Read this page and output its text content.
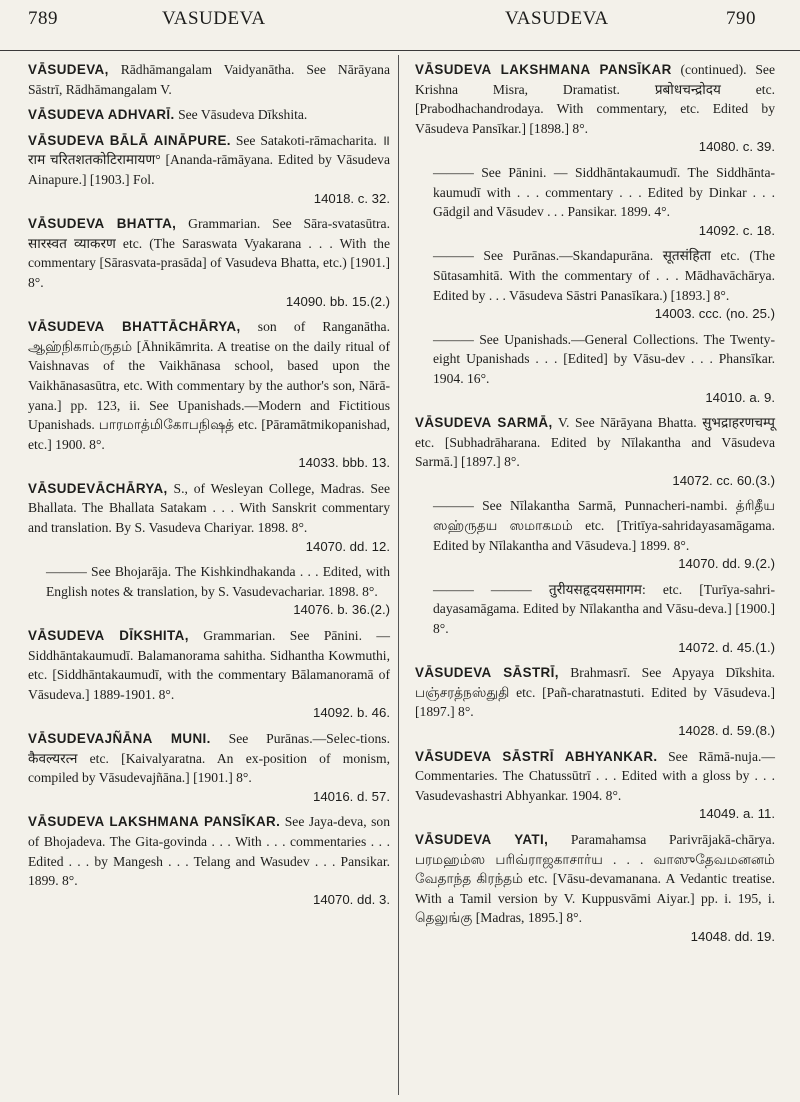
789	VASUDEVA	VASUDEVA	790
VĀSUDEVA, Rādhāmangalam Vaidyanātha. See Nārāyana Sāstrī, Rādhāmangalam V.
VĀSUDEVA ADHVARĪ. See Vāsudeva Dīkshita.
VĀSUDEVA BĀLĀ AINĀPURE. See Satakoti-rāmacharita. ॥ राम चरितशतकोटिरामायण° [Ananda-rāmāyana. Edited by Vāsudeva Ainapure.] [1903.] Fol.
14018. c. 32.
VĀSUDEVA BHATTA, Grammarian. See Sāra-svatasūtra. सारस्वत व्याकरण etc. (The Saraswata Vyakarana . . . With the commentary [Sārasvata-prasāda] of Vasudeva Bhatta, etc.) [1901.] 8°.
14090. bb. 15.(2.)
VĀSUDEVA BHATTĀCHĀRYA, son of Ranganātha. ஆஹ்நிகாம்ருதம் [Āhnikāmrita. A treatise on the daily ritual of Vaishnavas of the Vaikhānasa school, based upon the Vaikhānasasūtra, etc. With commentary by the author's son, Nārā-yana.] pp. 123, ii. See Upanishads.—Modern and Fictitious Upanishads. பாரமாத்மிகோபநிஷத் etc. [Pāramātmikopanishad, etc.] 1900. 8°.
14033. bbb. 13.
VĀSUDEVĀCHĀRYA, S., of Wesleyan College, Madras. See Bhallata. The Bhallata Satakam . . . With Sanskrit commentary and translation. By S. Vasudeva Chariyar. 1898. 8°.
14070. dd. 12.
——— See Bhojarāja. The Kishkindhakanda . . . Edited, with English notes & translation, by S. Vasudevachariar. 1898. 8°.
14076. b. 36.(2.)
VĀSUDEVA DĪKSHITA, Grammarian. See Pānini. — Siddhāntakaumudī. Balamanorama sahitha. Sidhantha Kowmuthi, etc. [Siddhāntakaumudī, with the commentary Bālamanoramā of Vāsudeva.] 1889-1901. 8°.
14092. b. 46.
VĀSUDEVAJÑĀNA MUNI. See Purānas.—Selec-tions. कैवल्यरत्न etc. [Kaivalyaratna. An ex-position of monism, compiled by Vāsudevajñāna.] [1901.] 8°.
14016. d. 57.
VĀSUDEVA LAKSHMANA PANSĪKAR. See Jaya-deva, son of Bhojadeva. The Gita-govinda . . . With . . . commentaries . . . Edited . . . by Mangesh . . . Telang and Wasudev . . . Pansikar. 1899. 8°.
14070. dd. 3.
VĀSUDEVA LAKSHMANA PANSĪKAR (continued). See Krishna Misra, Dramatist. प्रबोधचन्द्रोदय etc. [Prabodhachandrodaya. With commentary, etc. Edited by Vāsudeva Pansīkar.] [1898.] 8°.
14080. c. 39.
——— See Pānini. — Siddhāntakaumudī. The Siddhānta-kaumudī with . . . commentary . . . Edited by Dinkar . . . Gādgil and Vāsudev . . . Pansikar. 1899. 4°.
14092. c. 18.
——— See Purānas.—Skandapurāna. सूतसंहिता etc. (The Sūtasamhitā. With the commentary of . . . Mādhavāchārya. Edited by . . . Vāsudeva Sāstri Panasīkara.) [1893.] 8°.
14003. ccc. (no. 25.)
——— See Upanishads.—General Collections. The Twenty-eight Upanishads . . . [Edited] by Vāsu-dev . . . Phansīkar. 1904. 16°.
14010. a. 9.
VĀSUDEVA SARMĀ, V. See Nārāyana Bhatta. सुभद्राहरणचम्पू etc. [Subhadrāharana. Edited by Nīlakantha and Vāsudeva Sarmā.] [1897.] 8°.
14072. cc. 60.(3.)
——— See Nīlakantha Sarmā, Punnacheri-nambi. த்ரிதீய ஸஹ்ருதய ஸமாகமம் etc. [Tritīya-sahridayasamāgama. Edited by Nīlakantha and Vāsudeva.] 1899. 8°.
14070. dd. 9.(2.)
——— ——— तुरीयसहृदयसमागम: etc. [Turīya-sahri-dayasamāgama. Edited by Nīlakantha and Vāsu-deva.] [1900.] 8°.
14072. d. 45.(1.)
VĀSUDEVA SĀSTRĪ, Brahmasrī. See Apyaya Dīkshita. பஞ்சரத்நஸ்துதி etc. [Pañ-charatnastuti. Edited by Vāsudeva.] [1897.] 8°.
14028. d. 59.(8.)
VĀSUDEVA SĀSTRĪ ABHYANKAR. See Rāmā-nuja.—Commentaries. The Chatussūtrī . . . Edited with a gloss by . . . Vasudevashastri Abhyankar. 1904. 8°.
14049. a. 11.
VĀSUDEVA YATI, Paramahamsa Parivrājakā-chārya. பரமஹம்ஸ பரிவ்ராஜகாசார்ய . . . வாஸுதேவமனனம் வேதாந்த கிரந்தம் etc. [Vāsu-devamanana. A Vedantic treatise. With a Tamil version by V. Kuppusvāmi Aiyar.] pp. i. 195, i. தெலுங்கு [Madras, 1895.] 8°.
14048. dd. 19.
